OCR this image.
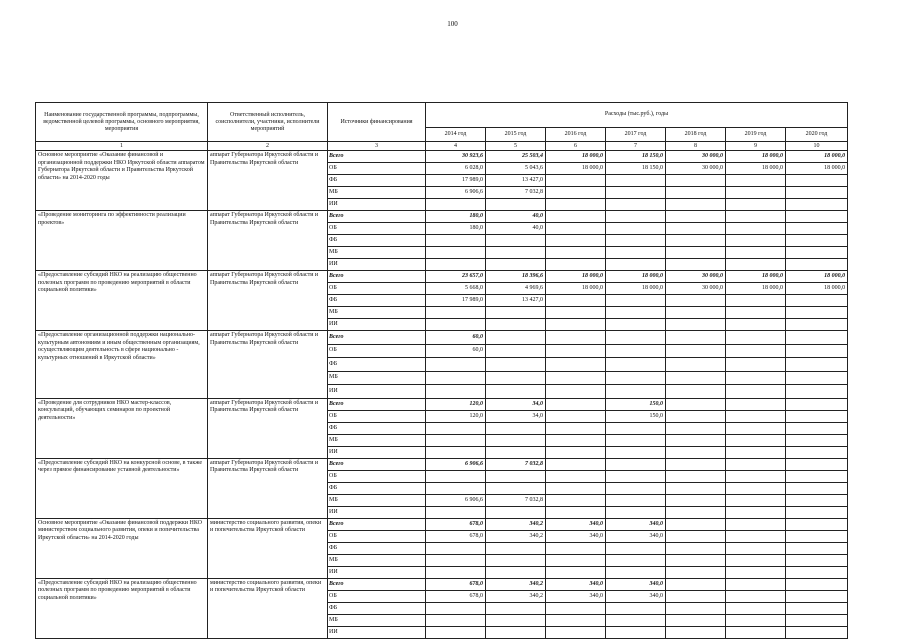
100
Наименование государственной программы, подпрограммы, ведомственной целевой программы, основного мероприятия, мероприятия	Ответственный исполнитель, соисполнители, участники, исполнители мероприятий	Источники финансирования	Расходы (тыс.руб.), годы						
			2014 год	2015 год	2016 год	2017 год	2018 год	2019 год	2020 год
1	2	3	4	5	6	7	8	9	10
Основное мероприятие «Оказание финансовой и организационной поддержки НКО Иркутской области аппаратом Губернатора Иркутской области и Правительства Иркутской области» на 2014-2020 годы	аппарат Губернатора Иркутской области и Правительства Иркутской области	Всего	30 923,6	25 503,4	18 000,0	18 150,0	30 000,0	18 000,0	18 000,0
		ОБ	6 028,0	5 043,6	18 000,0	18 150,0	30 000,0	18 000,0	18 000,0
		ФБ	17 989,0	13 427,0					
		МБ	6 906,6	7 032,8					
		ИИ							
«Проведение мониторинга по эффективности реализации проектов»	аппарат Губернатора Иркутской области и Правительства Иркутской области	Всего	180,0	40,0					
		ОБ	180,0	40,0					
		ФБ							
		МБ							
		ИИ							
«Предоставление субсидий НКО на реализацию общественно полезных программ по проведению мероприятий в области социальной политики»	аппарат Губернатора Иркутской области и Правительства Иркутской области	Всего	23 657,0	18 396,6	18 000,0	18 000,0	30 000,0	18 000,0	18 000,0
		ОБ	5 668,0	4 969,6	18 000,0	18 000,0	30 000,0	18 000,0	18 000,0
		ФБ	17 989,0	13 427,0					
		МБ							
		ИИ							
«Предоставление организационной поддержки национально-культурным автономиям и иным общественным организациям, осуществляющим деятельность в сфере национально - культурных отношений в Иркутской области»	аппарат Губернатора Иркутской области и Правительства Иркутской области	Всего	60,0						
		ОБ	60,0						
		ФБ							
		МБ							
		ИИ							
«Проведение для сотрудников НКО мастер-классов, консультаций, обучающих семинаров по проектной деятельности»	аппарат Губернатора Иркутской области и Правительства Иркутской области	Всего	120,0	34,0		150,0			
		ОБ	120,0	34,0		150,0			
		ФБ							
		МБ							
		ИИ							
«Предоставление субсидий НКО на конкурсной основе, в также через прямое финансирование уставной деятельности»	аппарат Губернатора Иркутской области и Правительства Иркутской области	Всего	6 906,6	7 032,8					
		ОБ							
		ФБ							
		МБ	6 906,6	7 032,8					
		ИИ							
Основное мероприятие «Оказание финансовой поддержки НКО министерством социального развития, опеки и попечительства Иркутской области» на 2014-2020 годы	министерство социального развития, опеки и попечительства Иркутской области	Всего	678,0	340,2	340,0	340,0			
		ОБ	678,0	340,2	340,0	340,0			
		ФБ							
		МБ							
		ИИ							
«Предоставление субсидий НКО на реализацию общественно полезных программ по проведению мероприятий в области социальной политики»	министерство социального развития, опеки и попечительства Иркутской области	Всего	678,0	340,2	340,0	340,0			
		ОБ	678,0	340,2	340,0	340,0			
		ФБ							
		МБ							
		ИИ							
